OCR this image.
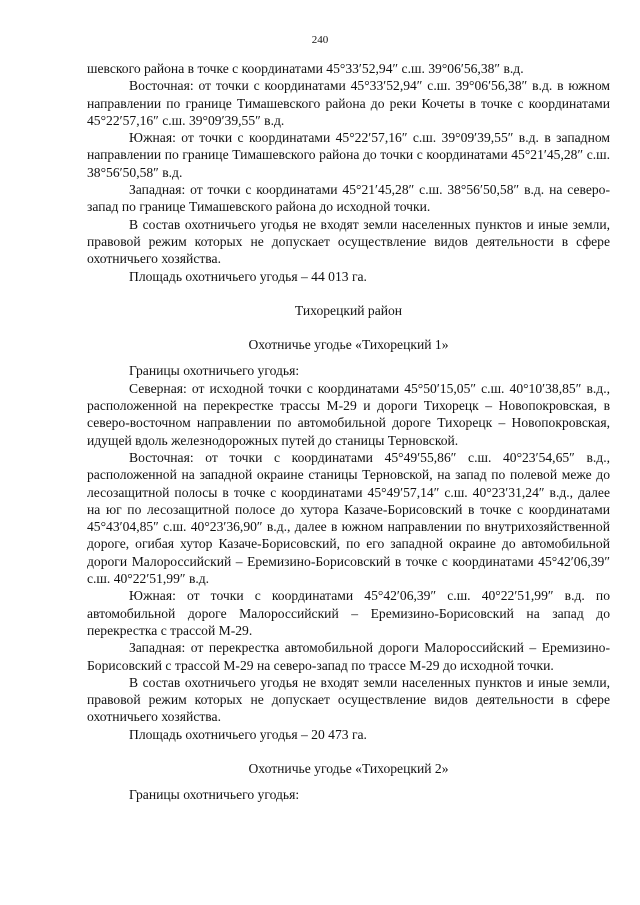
240

шевского района в точке с координатами 45°33′52,94″ с.ш. 39°06′56,38″ в.д.

Восточная: от точки с координатами 45°33′52,94″ с.ш. 39°06′56,38″ в.д. в южном направлении по границе Тимашевского района до реки Кочеты в точке с координатами 45°22′57,16″ с.ш. 39°09′39,55″ в.д.

Южная: от точки с координатами 45°22′57,16″ с.ш. 39°09′39,55″ в.д. в западном направлении по границе Тимашевского района до точки с координатами 45°21′45,28″ с.ш. 38°56′50,58″ в.д.

Западная: от точки с координатами 45°21′45,28″ с.ш. 38°56′50,58″ в.д. на северо-запад по границе Тимашевского района до исходной точки.

В состав охотничьего угодья не входят земли населенных пунктов и иные земли, правовой режим которых не допускает осуществление видов деятельности в сфере охотничьего хозяйства.

Площадь охотничьего угодья – 44 013 га.

Тихорецкий район

Охотничье угодье «Тихорецкий 1»

Границы охотничьего угодья:

Северная: от исходной точки с координатами 45°50′15,05″ с.ш. 40°10′38,85″ в.д., расположенной на перекрестке трассы М-29 и дороги Тихорецк – Новопокровская, в северо-восточном направлении по автомобильной дороге Тихорецк – Новопокровская, идущей вдоль железнодорожных путей до станицы Терновской.

Восточная: от точки с координатами 45°49′55,86″ с.ш. 40°23′54,65″ в.д., расположенной на западной окраине станицы Терновской, на запад по полевой меже до лесозащитной полосы в точке с координатами 45°49′57,14″ с.ш. 40°23′31,24″ в.д., далее на юг по лесозащитной полосе до хутора Казаче-Борисовский в точке с координатами 45°43′04,85″ с.ш. 40°23′36,90″ в.д., далее в южном направлении по внутрихозяйственной дороге, огибая хутор Казаче-Борисовский, по его западной окраине до автомобильной дороги Малороссийский – Еремизино-Борисовский в точке с координатами 45°42′06,39″ с.ш. 40°22′51,99″ в.д.

Южная: от точки с координатами 45°42′06,39″ с.ш. 40°22′51,99″ в.д. по автомобильной дороге Малороссийский – Еремизино-Борисовский на запад до перекрестка с трассой М-29.

Западная: от перекрестка автомобильной дороги Малороссийский – Еремизино-Борисовский с трассой М-29 на северо-запад по трассе М-29 до исходной точки.

В состав охотничьего угодья не входят земли населенных пунктов и иные земли, правовой режим которых не допускает осуществление видов деятельности в сфере охотничьего хозяйства.

Площадь охотничьего угодья – 20 473 га.

Охотничье угодье «Тихорецкий 2»

Границы охотничьего угодья:
